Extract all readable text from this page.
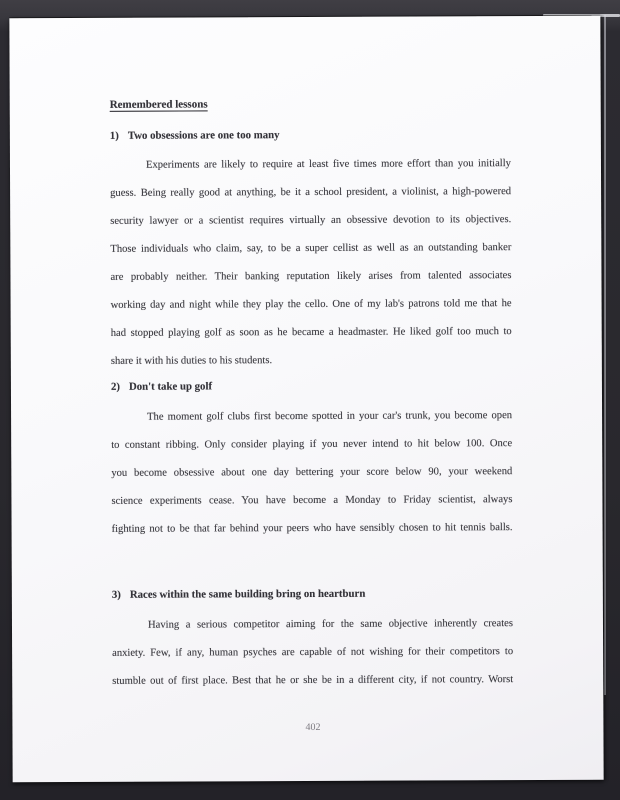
Remembered lessons
1) Two obsessions are one too many
Experiments are likely to require at least five times more effort than you initially
guess. Being really good at anything, be it a school president, a violinist, a high-powered
security lawyer or a scientist requires virtually an obsessive devotion to its objectives.
Those individuals who claim, say, to be a super cellist as well as an outstanding banker
are probably neither. Their banking reputation likely arises from talented associates
working day and night while they play the cello. One of my lab's patrons told me that he
had stopped playing golf as soon as he became a headmaster. He liked golf too much to
share it with his duties to his students.
2) Don't take up golf
The moment golf clubs first become spotted in your car's trunk, you become open
to constant ribbing. Only consider playing if you never intend to hit below 100. Once
you become obsessive about one day bettering your score below 90, your weekend
science experiments cease. You have become a Monday to Friday scientist, always
fighting not to be that far behind your peers who have sensibly chosen to hit tennis balls.
3) Races within the same building bring on heartburn
Having a serious competitor aiming for the same objective inherently creates
anxiety. Few, if any, human psyches are capable of not wishing for their competitors to
stumble out of first place. Best that he or she be in a different city, if not country. Worst
402
